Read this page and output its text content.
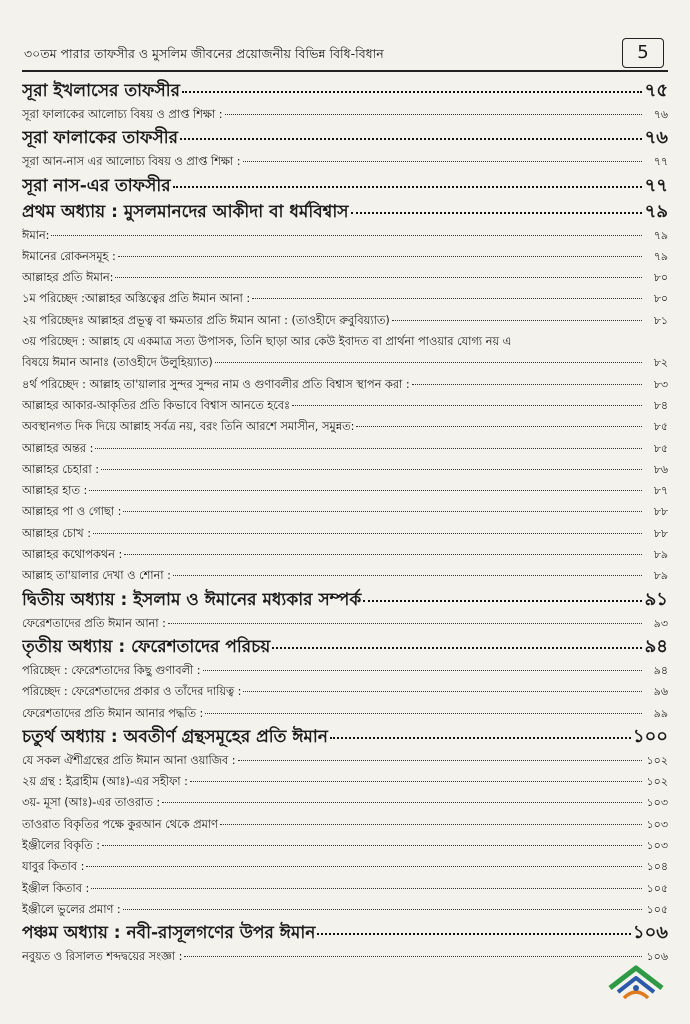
৩০তম পারার তাফসীর ও মুসলিম জীবনের প্রয়োজনীয় বিভিন্ন বিধি-বিধান	5
সূরা ইখলাসের তাফসীর	৭৫
সূরা ফালাকের আলোচ্য বিষয় ও প্রাপ্ত শিক্ষা :	৭৬
সূরা ফালাকের তাফসীর	৭৬
সূরা আন-নাস এর আলোচ্য বিষয় ও প্রাপ্ত শিক্ষা :	৭৭
সূরা নাস-এর তাফসীর	৭৭
প্রথম অধ্যায় : মুসলমানদের আকীদা বা ধর্মবিশ্বাস	৭৯
ঈমান:	৭৯
ঈমানের রোকনসমূহ :	৭৯
আল্লাহর প্রতি ঈমান:	৮০
১ম পরিচ্ছেদ :আল্লাহর অস্তিত্বের প্রতি ঈমান আনা :	৮০
২য় পরিচ্ছেদঃ আল্লাহর প্রভূত্ব বা ক্ষমতার প্রতি ঈমান আনা : (তাওহীদে রুবুবিয়্যাত)	৮১
৩য় পরিচ্ছেদ : আল্লাহ যে একমাত্র সত্য উপাসক, তিনি ছাড়া আর কেউ ইবাদত বা প্রার্থনা পাওয়ার যোগ্য নয় এ
বিষয়ে ঈমান আনাঃ (তাওহীদে উলুহিয়্যাত)	৮২
৪র্থ পরিচ্ছেদ : আল্লাহ তা'য়ালার সুন্দর সুন্দর নাম ও গুণাবলীর প্রতি বিশ্বাস স্থাপন করা :	৮৩
আল্লাহর আকার-আকৃতির প্রতি কিভাবে বিশ্বাস আনতে হবেঃ	৮৪
অবস্থানগত দিক দিয়ে আল্লাহ সর্বত্র নয়, বরং তিনি আরশে সমাসীন, সমুন্নত:	৮৫
আল্লাহর অন্তর :	৮৫
আল্লাহর চেহারা :	৮৬
আল্লাহর হাত :	৮৭
আল্লাহর পা ও গোছা :	৮৮
আল্লাহর চোখ :	৮৮
আল্লাহর কথোপকথন :	৮৯
আল্লাহ তা'য়ালার দেখা ও শোনা :	৮৯
দ্বিতীয় অধ্যায় : ইসলাম ও ঈমানের মধ্যকার সম্পর্ক	৯১
ফেরেশতাদের প্রতি ঈমান আনা :	৯৩
তৃতীয় অধ্যায় : ফেরেশতাদের পরিচয়	৯৪
পরিচ্ছেদ : ফেরেশতাদের কিছু গুণাবলী :	৯৪
পরিচ্ছেদ : ফেরেশতাদের প্রকার ও তাঁদের দায়িত্ব :	৯৬
ফেরেশতাদের প্রতি ঈমান আনার পদ্ধতি :	৯৯
চতুর্থ অধ্যায় : অবতীর্ণ গ্রন্থসমূহের প্রতি ঈমান	১০০
যে সকল ঐশীগ্রন্থের প্রতি ঈমান আনা ওয়াজিব :	১০২
২য় গ্রন্থ : ইব্রাহীম (আঃ)-এর সহীফা :	১০২
৩য়- মূসা (আঃ)-এর তাওরাত :	১০৩
তাওরাত বিকৃতির পক্ষে কুরআন থেকে প্রমাণ	১০৩
ইঞ্জীলের বিকৃতি :	১০৩
যাবুর কিতাব :	১০৪
ইঞ্জীল কিতাব :	১০৫
ইঞ্জীলে ভুলের প্রমাণ :	১০৫
পঞ্চম অধ্যায় : নবী-রাসূলগণের উপর ঈমান	১০৬
নবুয়ত ও রিসালত শব্দদ্বয়ের সংজ্ঞা :	১০৬
